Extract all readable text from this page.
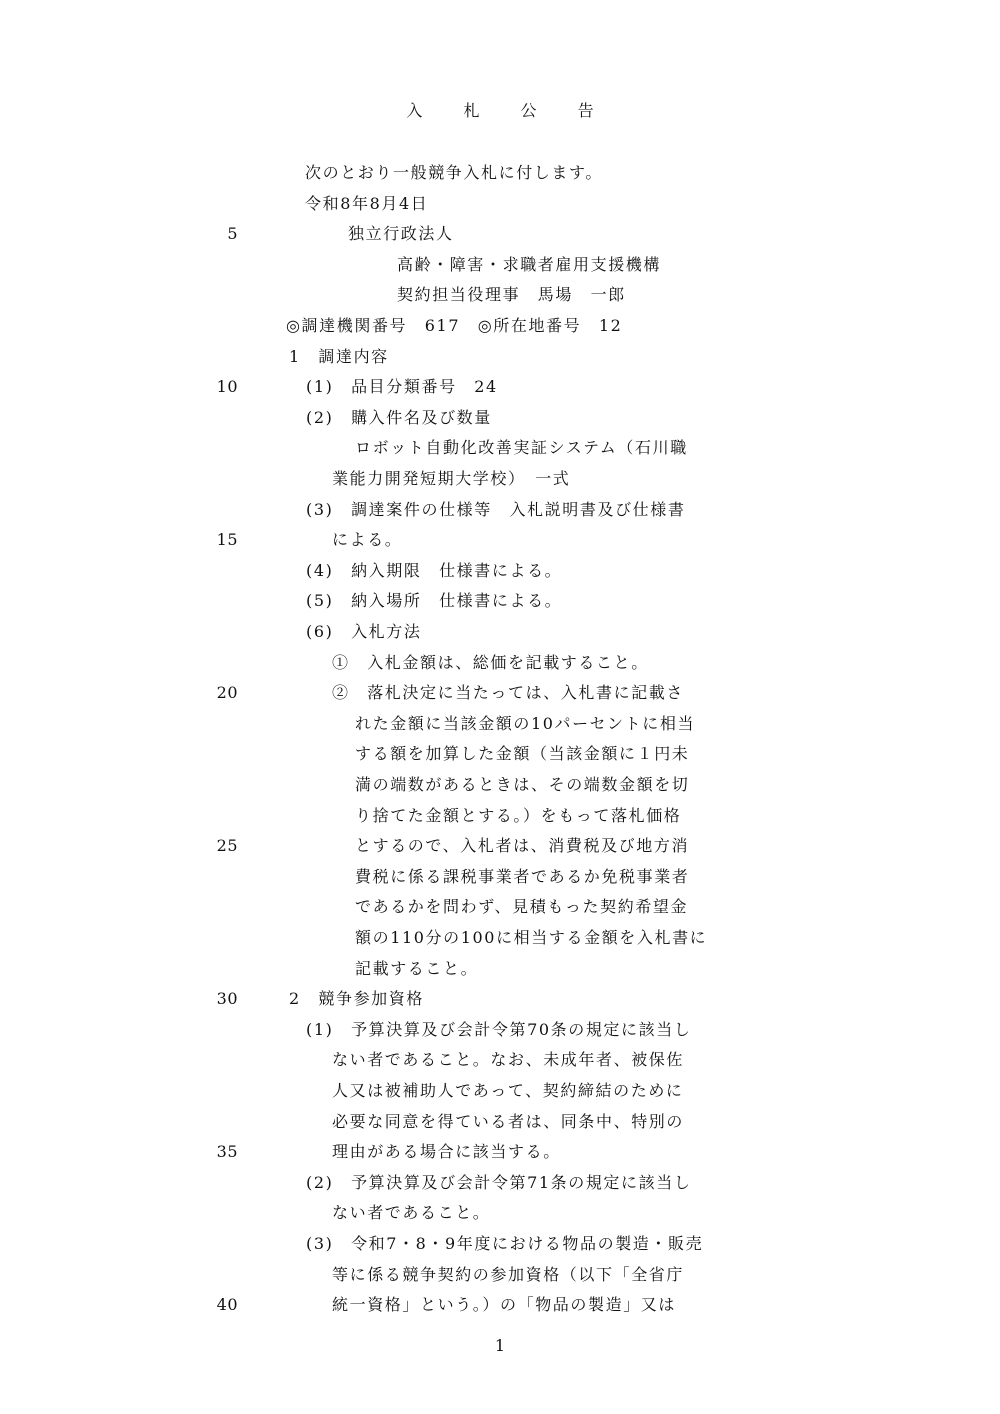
入 札 公 告
5
10
15
20
25
30
35
40
次のとおり一般競争入札に付します。
令和8年8月4日
独立行政法人
高齢・障害・求職者雇用支援機構
契約担当役理事　馬場　一郎
◎調達機関番号　617　◎所在地番号　12
1　調達内容
(1)　品目分類番号　24
(2)　購入件名及び数量
ロボット自動化改善実証システム（石川職
業能力開発短期大学校）　一式
(3)　調達案件の仕様等　入札説明書及び仕様書
による。
(4)　納入期限　仕様書による。
(5)　納入場所　仕様書による。
(6)　入札方法
①　入札金額は、総価を記載すること。
②　落札決定に当たっては、入札書に記載さ
れた金額に当該金額の10パーセントに相当
する額を加算した金額（当該金額に１円未
満の端数があるときは、その端数金額を切
り捨てた金額とする。）をもって落札価格
とするので、入札者は、消費税及び地方消
費税に係る課税事業者であるか免税事業者
であるかを問わず、見積もった契約希望金
額の110分の100に相当する金額を入札書に
記載すること。
2　競争参加資格
(1)　予算決算及び会計令第70条の規定に該当し
ない者であること。なお、未成年者、被保佐
人又は被補助人であって、契約締結のために
必要な同意を得ている者は、同条中、特別の
理由がある場合に該当する。
(2)　予算決算及び会計令第71条の規定に該当し
ない者であること。
(3)　令和7・8・9年度における物品の製造・販売
等に係る競争契約の参加資格（以下「全省庁
統一資格」という。）の「物品の製造」又は
1
